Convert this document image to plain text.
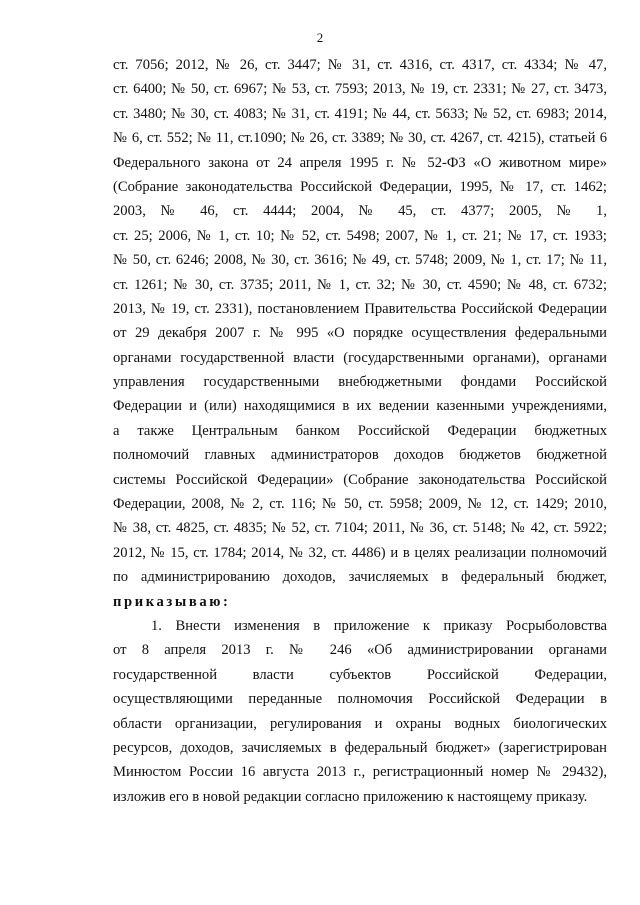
2
ст. 7056; 2012, № 26, ст. 3447; № 31, ст. 4316, ст. 4317, ст. 4334; № 47,
ст. 6400; № 50, ст. 6967; № 53, ст. 7593; 2013, № 19, ст. 2331; № 27, ст. 3473,
ст. 3480; № 30, ст. 4083; № 31, ст. 4191; № 44, ст. 5633; № 52, ст. 6983; 2014,
№ 6, ст. 552; № 11, ст.1090; № 26, ст. 3389; № 30, ст. 4267, ст. 4215), статьей 6
Федерального закона от 24 апреля 1995 г. № 52-ФЗ «О животном мире»
(Собрание законодательства Российской Федерации, 1995, № 17, ст. 1462;
2003, № 46, ст. 4444; 2004, № 45, ст. 4377; 2005, № 1,
ст. 25; 2006, № 1, ст. 10; № 52, ст. 5498; 2007, № 1, ст. 21; № 17, ст. 1933;
№ 50, ст. 6246; 2008, № 30, ст. 3616; № 49, ст. 5748; 2009, № 1, ст. 17; № 11,
ст. 1261; № 30, ст. 3735; 2011, № 1, ст. 32; № 30, ст. 4590; № 48, ст. 6732;
2013, № 19, ст. 2331), постановлением Правительства Российской Федерации
от 29 декабря 2007 г. № 995 «О порядке осуществления федеральными
органами государственной власти (государственными органами), органами
управления государственными внебюджетными фондами Российской
Федерации и (или) находящимися в их ведении казенными учреждениями,
а также Центральным банком Российской Федерации бюджетных
полномочий главных администраторов доходов бюджетов бюджетной
системы Российской Федерации» (Собрание законодательства Российской
Федерации, 2008, № 2, ст. 116; № 50, ст. 5958; 2009, № 12, ст. 1429; 2010,
№ 38, ст. 4825, ст. 4835; № 52, ст. 7104; 2011, № 36, ст. 5148; № 42, ст. 5922;
2012, № 15, ст. 1784; 2014, № 32, ст. 4486) и в целях реализации полномочий
по администрированию доходов, зачисляемых в федеральный бюджет,
приказываю:
1. Внести изменения в приложение к приказу Росрыболовства
от 8 апреля 2013 г. № 246 «Об администрировании органами
государственной власти субъектов Российской Федерации,
осуществляющими переданные полномочия Российской Федерации в
области организации, регулирования и охраны водных биологических
ресурсов, доходов, зачисляемых в федеральный бюджет» (зарегистрирован
Минюстом России 16 августа 2013 г., регистрационный номер № 29432),
изложив его в новой редакции согласно приложению к настоящему приказу.
